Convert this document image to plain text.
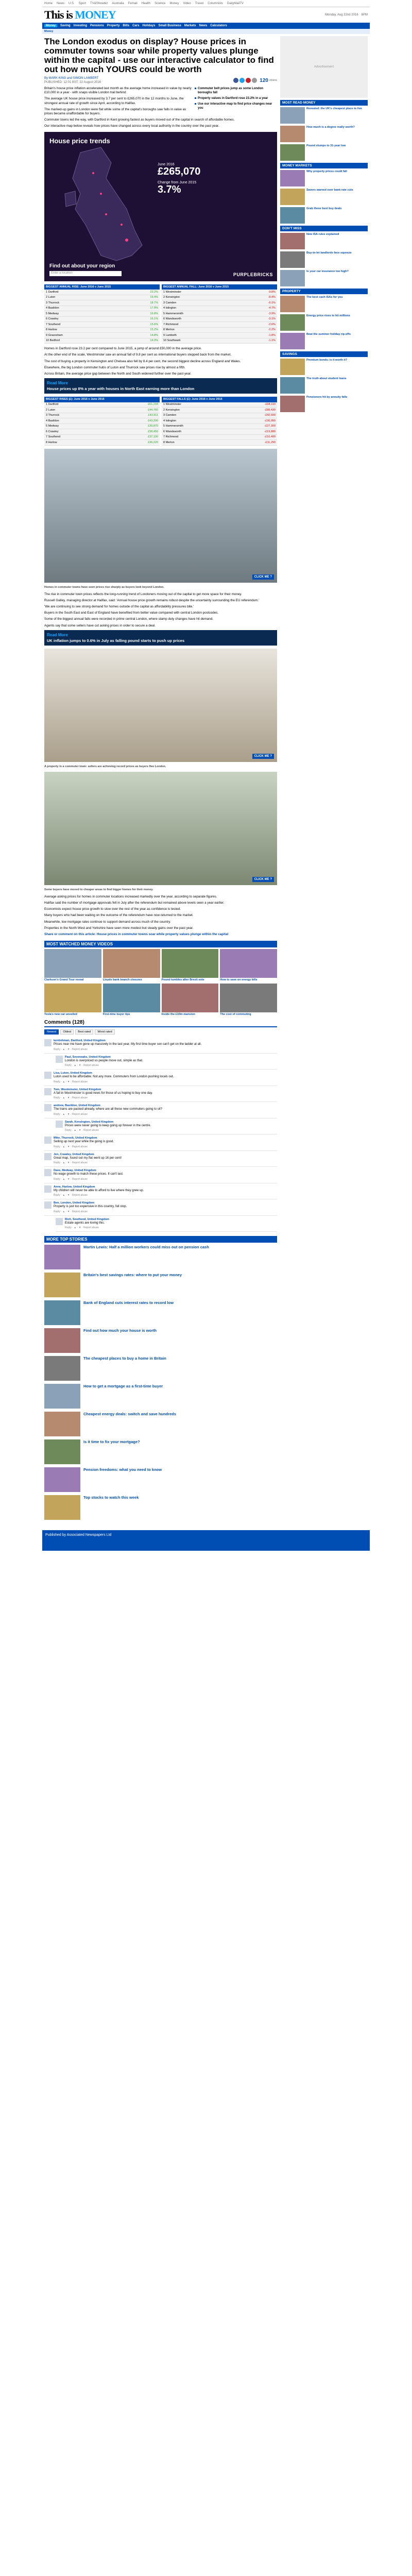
Home News U.S. Sport TV&Showbiz Australia Femail Health Science Money Video Travel Columnists DailyMailTV
This is MONEY	Monday, Aug 22nd 2016 6PM
Money	Saving Investing Pensions Property Bills Cars Holidays Small Business Markets News Calculators
Money
The London exodus on display? House prices in commuter towns soar while property values plunge within the capital - use our interactive calculator to find out how much YOURS could be worth
By MARK KING and SIMON LAMBERT
PUBLISHED: 12:01 BST, 22 August 2016	120 shares
Commuter belt prices jump as some London boroughs fall
Property values in Dartford rose 23.2% in a year
Use our interactive map to find price changes near you

Britain's house price inflation accelerated last month as the average home increased in value by nearly £10,000 in a year - with snaps visible London trail behind

The average UK house price increased by 3.7 per cent to £265,070 in the 12 months to June, the strongest annual rate of growth since April, according to Halifax.

The marked-up gains in London were flat while some of the capital's boroughs saw falls in value as prices became unaffordable for buyers.

Commuter towns led the way, with Dartford in Kent growing fastest as buyers moved out of the capital in search of affordable homes.

Our interactive map below reveals how prices have changed across every local authority in the country over the past year.

House price trends
June 2016
£265,070
Change from June 2015
3.7%
Find out about your region
Enter a location	PURPLEBRICKS
BIGGEST ANNUAL RISE: June 2016 v June 2015
1 Dartford	23.2%
2 Luton	19.4%
3 Thurrock	18.7%
4 Basildon	17.9%
5 Medway	16.8%
6 Crawley	16.1%
7 Southend	15.6%
8 Harlow	15.2%
9 Gravesham	14.8%
10 Bedford	14.3%
BIGGEST ANNUAL FALL: June 2016 v June 2015
1 Westminster	-9.8%
2 Kensington	-8.4%
3 Camden	-6.1%
4 Islington	-4.7%
5 Hammersmith	-3.9%
6 Wandsworth	-3.1%
7 Richmond	-2.6%
8 Merton	-2.2%
9 Lambeth	-1.8%
10 Southwark	-1.1%

Homes in Dartford rose 23.2 per cent compared to June 2015, a jump of around £50,000 in the average price.

At the other end of the scale, Westminster saw an annual fall of 9.8 per cent as international buyers stepped back from the market.

The cost of buying a property in Kensington and Chelsea also fell by 8.4 per cent, the second biggest decline across England and Wales.

Elsewhere, the big London commuter hubs of Luton and Thurrock saw prices rise by almost a fifth.

Across Britain, the average price gap between the North and South widened further over the past year.

Read More
House prices up 8% a year with houses in North East earning more than London
BIGGEST RISES (£): June 2016 v June 2015
1 Dartford	£61,218
2 Luton	£44,760
3 Thurrock	£43,911
4 Basildon	£43,200
5 Medway	£39,870
6 Crawley	£38,450
7 Southend	£37,100
8 Harlow	£36,220
BIGGEST FALLS (£): June 2016 v June 2015
1 Westminster	-£94,110
2 Kensington	-£88,430
3 Camden	-£42,600
4 Islington	-£30,950
5 Hammersmith	-£27,300
6 Wandsworth	-£19,880
7 Richmond	-£16,400
8 Merton	-£11,250
CLICK ME ?
Homes in commuter towns have seen prices rise sharply as buyers look beyond London.

The rise in commuter town prices reflects the long-running trend of Londoners moving out of the capital to get more space for their money.

Russell Galley, managing director at Halifax, said: 'Annual house price growth remains robust despite the uncertainty surrounding the EU referendum.'

'We are continuing to see strong demand for homes outside of the capital as affordability pressures bite.'

Buyers in the South East and East of England have benefited from better value compared with central London postcodes.

Some of the biggest annual falls were recorded in prime central London, where stamp duty changes have hit demand.

Agents say that some sellers have cut asking prices in order to secure a deal.

Read More
UK inflation jumps to 0.6% in July as falling pound starts to push up prices
CLICK ME ?
A property in a commuter town: sellers are achieving record prices as buyers flee London.
CLICK ME ?
Some buyers have moved to cheaper areas to find bigger homes for their money.

Average asking prices for homes in commuter locations increased markedly over the year, according to separate figures.

Halifax said the number of mortgage approvals fell in July after the referendum but remained above levels seen a year earlier.

Economists expect house price growth to slow over the rest of the year as confidence is tested.

Many buyers who had been waiting on the outcome of the referendum have now returned to the market.

Meanwhile, low mortgage rates continue to support demand across much of the country.

Properties in the North West and Yorkshire have seen more modest but steady gains over the past year.

Share or comment on this article: House prices in commuter towns soar while property values plunge within the capital

MOST WATCHED MONEY VIDEOS
Clarkson's Grand Tour reveal	Lloyds bank branch closures	Pound tumbles after Brexit vote	How to save on energy bills
Tesla's new car unveiled	First-time buyer tips	Inside the £10m mansion	The cost of commuting
Comments (128)
Newest	Oldest	Best rated	Worst rated
kentishman, Dartford, United Kingdom
Prices near me have gone up massively in the last year. My first time buyer son can't get on the ladder at all.
Reply · ▲ · ▼ · Report abuse
Paul, Sevenoaks, United Kingdom
London is overpriced so people move out, simple as that.
Reply · ▲ · ▼ · Report abuse
Lisa, Luton, United Kingdom
Luton used to be affordable. Not any more. Commuters from London pushing locals out.
Reply · ▲ · ▼ · Report abuse
Tom, Westminster, United Kingdom
A fall in Westminster is good news for those of us hoping to buy one day.
Reply · ▲ · ▼ · Report abuse
andrew, Basildon, United Kingdom
The trains are packed already, where are all these new commuters going to sit?
Reply · ▲ · ▼ · Report abuse
Sarah, Kensington, United Kingdom
Prices were never going to keep going up forever in the centre.
Reply · ▲ · ▼ · Report abuse
Mike, Thurrock, United Kingdom
Selling up next year while the going is good.
Reply · ▲ · ▼ · Report abuse
Jen, Crawley, United Kingdom
Great map, found out my flat went up 16 per cent!
Reply · ▲ · ▼ · Report abuse
Dave, Medway, United Kingdom
No wage growth to match these prices. It can't last.
Reply · ▲ · ▼ · Report abuse
Anne, Harlow, United Kingdom
My children will never be able to afford to live where they grew up.
Reply · ▲ · ▼ · Report abuse
Ben, London, United Kingdom
Property is just too expensive in this country, full stop.
Reply · ▲ · ▼ · Report abuse
Rich, Southend, United Kingdom
Estate agents are loving this.
Reply · ▲ · ▼ · Report abuse
MORE TOP STORIES
Martin Lewis: Half a million workers could miss out on pension cash
Britain's best savings rates: where to put your money
Bank of England cuts interest rates to record low
Find out how much your house is worth
The cheapest places to buy a home in Britain
How to get a mortgage as a first-time buyer
Cheapest energy deals: switch and save hundreds
Is it time to fix your mortgage?
Pension freedoms: what you need to know
Top stocks to watch this week
Advertisement
MOST READ MONEY
Revealed: the UK's cheapest place to live
How much is a degree really worth?
Pound slumps to 31-year low
MONEY MARKETS
Why property prices could fall
Savers warned over bank rate cuts
Grab these best buy deals
DON'T MISS
New ISA rules explained
Buy-to-let landlords face squeeze
Is your car insurance too high?
PROPERTY
The best cash ISAs for you
Energy price rises to hit millions
Beat the summer holiday rip-offs
SAVINGS
Premium bonds: is it worth it?
The truth about student loans
Pensioners hit by annuity falls
Published by Associated Newspapers Ltd
